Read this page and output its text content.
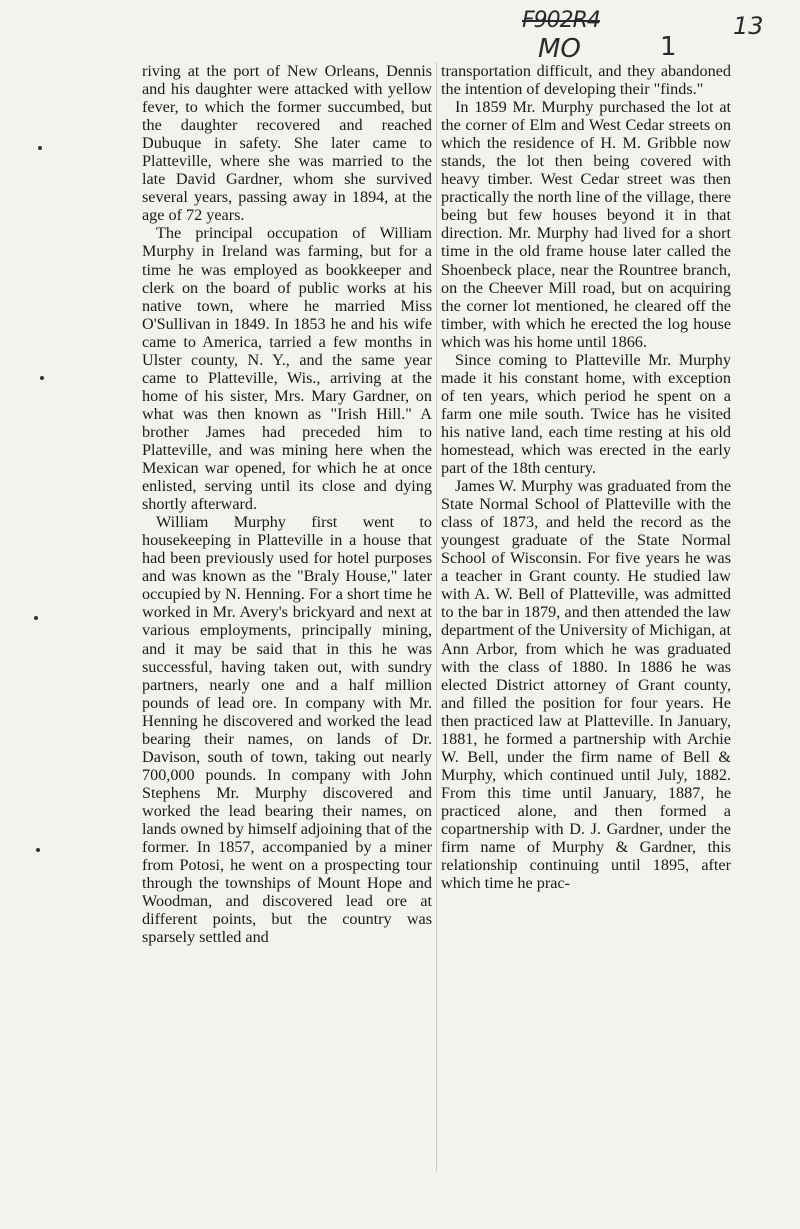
F902R4
MO	1
13

riving at the port of New Orleans, Dennis and his daughter were attacked with yellow fever, to which the former succumbed, but the daughter recovered and reached Dubuque in safety. She later came to Platteville, where she was married to the late David Gardner, whom she survived several years, passing away in 1894, at the age of 72 years.

The principal occupation of William Murphy in Ireland was farming, but for a time he was employed as bookkeeper and clerk on the board of public works at his native town, where he married Miss O'Sullivan in 1849. In 1853 he and his wife came to America, tarried a few months in Ulster county, N. Y., and the same year came to Platteville, Wis., arriving at the home of his sister, Mrs. Mary Gardner, on what was then known as "Irish Hill." A brother James had preceded him to Platteville, and was mining here when the Mexican war opened, for which he at once enlisted, serving until its close and dying shortly afterward.

William Murphy first went to housekeeping in Platteville in a house that had been previously used for hotel purposes and was known as the "Braly House," later occupied by N. Henning. For a short time he worked in Mr. Avery's brickyard and next at various employments, principally mining, and it may be said that in this he was successful, having taken out, with sundry partners, nearly one and a half million pounds of lead ore. In company with Mr. Henning he discovered and worked the lead bearing their names, on lands of Dr. Davison, south of town, taking out nearly 700,000 pounds. In company with John Stephens Mr. Murphy discovered and worked the lead bearing their names, on lands owned by himself adjoining that of the former. In 1857, accompanied by a miner from Potosi, he went on a prospecting tour through the townships of Mount Hope and Woodman, and discovered lead ore at different points, but the country was sparsely settled and

transportation difficult, and they abandoned the intention of developing their "finds."

In 1859 Mr. Murphy purchased the lot at the corner of Elm and West Cedar streets on which the residence of H. M. Gribble now stands, the lot then being covered with heavy timber. West Cedar street was then practically the north line of the village, there being but few houses beyond it in that direction. Mr. Murphy had lived for a short time in the old frame house later called the Shoenbeck place, near the Rountree branch, on the Cheever Mill road, but on acquiring the corner lot mentioned, he cleared off the timber, with which he erected the log house which was his home until 1866.

Since coming to Platteville Mr. Murphy made it his constant home, with exception of ten years, which period he spent on a farm one mile south. Twice has he visited his native land, each time resting at his old homestead, which was erected in the early part of the 18th century.

James W. Murphy was graduated from the State Normal School of Platteville with the class of 1873, and held the record as the youngest graduate of the State Normal School of Wisconsin. For five years he was a teacher in Grant county. He studied law with A. W. Bell of Platteville, was admitted to the bar in 1879, and then attended the law department of the University of Michigan, at Ann Arbor, from which he was graduated with the class of 1880. In 1886 he was elected District attorney of Grant county, and filled the position for four years. He then practiced law at Platteville. In January, 1881, he formed a partnership with Archie W. Bell, under the firm name of Bell & Murphy, which continued until July, 1882. From this time until January, 1887, he practiced alone, and then formed a copartnership with D. J. Gardner, under the firm name of Murphy & Gardner, this relationship continuing until 1895, after which time he prac-
